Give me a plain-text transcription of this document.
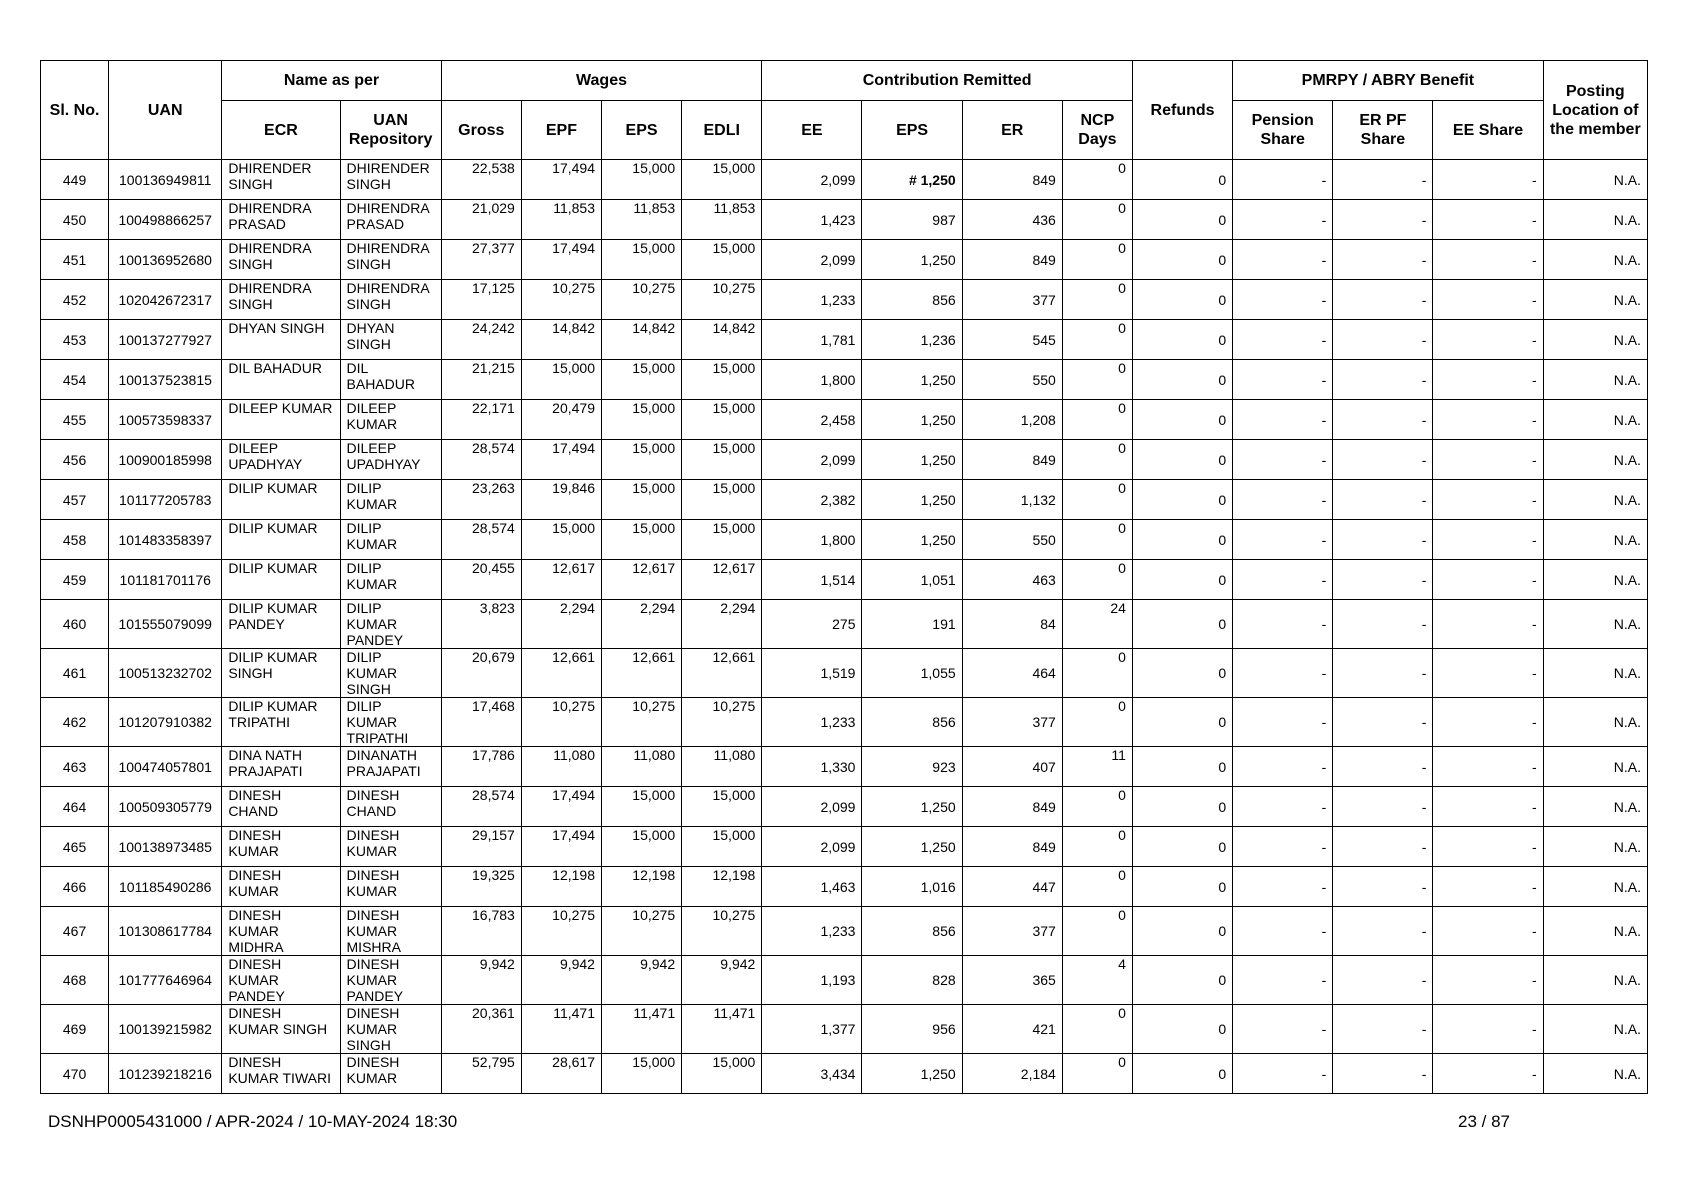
Sl. No.	UAN	Name as per		Wages				Contribution Remitted				Refunds	PMRPY / ABRY Benefit			Posting Location of the member
		ECR	UAN Repository	Gross	EPF	EPS	EDLI	EE	EPS	ER	NCP Days		Pension Share	ER PF Share	EE Share	
449	100136949811	DHIRENDER SINGH	DHIRENDER SINGH	22,538	17,494	15,000	15,000	2,099	# 1,250	849	0	0	-	-	-	N.A.
450	100498866257	DHIRENDRA PRASAD	DHIRENDRA PRASAD	21,029	11,853	11,853	11,853	1,423	987	436	0	0	-	-	-	N.A.
451	100136952680	DHIRENDRA SINGH	DHIRENDRA SINGH	27,377	17,494	15,000	15,000	2,099	1,250	849	0	0	-	-	-	N.A.
452	102042672317	DHIRENDRA SINGH	DHIRENDRA SINGH	17,125	10,275	10,275	10,275	1,233	856	377	0	0	-	-	-	N.A.
453	100137277927	DHYAN SINGH	DHYAN SINGH	24,242	14,842	14,842	14,842	1,781	1,236	545	0	0	-	-	-	N.A.
454	100137523815	DIL BAHADUR	DIL BAHADUR	21,215	15,000	15,000	15,000	1,800	1,250	550	0	0	-	-	-	N.A.
455	100573598337	DILEEP KUMAR	DILEEP KUMAR	22,171	20,479	15,000	15,000	2,458	1,250	1,208	0	0	-	-	-	N.A.
456	100900185998	DILEEP UPADHYAY	DILEEP UPADHYAY	28,574	17,494	15,000	15,000	2,099	1,250	849	0	0	-	-	-	N.A.
457	101177205783	DILIP KUMAR	DILIP KUMAR	23,263	19,846	15,000	15,000	2,382	1,250	1,132	0	0	-	-	-	N.A.
458	101483358397	DILIP KUMAR	DILIP KUMAR	28,574	15,000	15,000	15,000	1,800	1,250	550	0	0	-	-	-	N.A.
459	101181701176	DILIP KUMAR	DILIP KUMAR	20,455	12,617	12,617	12,617	1,514	1,051	463	0	0	-	-	-	N.A.
460	101555079099	DILIP KUMAR PANDEY	DILIP KUMAR PANDEY	3,823	2,294	2,294	2,294	275	191	84	24	0	-	-	-	N.A.
461	100513232702	DILIP KUMAR SINGH	DILIP KUMAR SINGH	20,679	12,661	12,661	12,661	1,519	1,055	464	0	0	-	-	-	N.A.
462	101207910382	DILIP KUMAR TRIPATHI	DILIP KUMAR TRIPATHI	17,468	10,275	10,275	10,275	1,233	856	377	0	0	-	-	-	N.A.
463	100474057801	DINA NATH PRAJAPATI	DINANATH PRAJAPATI	17,786	11,080	11,080	11,080	1,330	923	407	11	0	-	-	-	N.A.
464	100509305779	DINESH CHAND	DINESH CHAND	28,574	17,494	15,000	15,000	2,099	1,250	849	0	0	-	-	-	N.A.
465	100138973485	DINESH KUMAR	DINESH KUMAR	29,157	17,494	15,000	15,000	2,099	1,250	849	0	0	-	-	-	N.A.
466	101185490286	DINESH KUMAR	DINESH KUMAR	19,325	12,198	12,198	12,198	1,463	1,016	447	0	0	-	-	-	N.A.
467	101308617784	DINESH KUMAR MIDHRA	DINESH KUMAR MISHRA	16,783	10,275	10,275	10,275	1,233	856	377	0	0	-	-	-	N.A.
468	101777646964	DINESH KUMAR PANDEY	DINESH KUMAR PANDEY	9,942	9,942	9,942	9,942	1,193	828	365	4	0	-	-	-	N.A.
469	100139215982	DINESH KUMAR SINGH	DINESH KUMAR SINGH	20,361	11,471	11,471	11,471	1,377	956	421	0	0	-	-	-	N.A.
470	101239218216	DINESH KUMAR TIWARI	DINESH KUMAR	52,795	28,617	15,000	15,000	3,434	1,250	2,184	0	0	-	-	-	N.A.
DSNHP0005431000 / APR-2024 / 10-MAY-2024 18:30	23 / 87
